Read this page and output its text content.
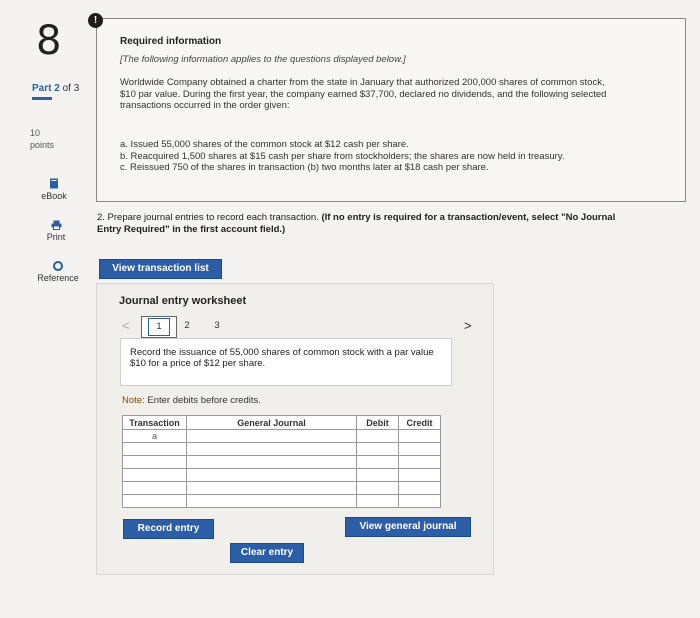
8
Part 2 of 3
10
points
eBook
Print
Reference
!
Required information
[The following information applies to the questions displayed below.]
Worldwide Company obtained a charter from the state in January that authorized 200,000 shares of common stock, $10 par value. During the first year, the company earned $37,700, declared no dividends, and the following selected transactions occurred in the order given:
a. Issued 55,000 shares of the common stock at $12 cash per share.
b. Reacquired 1,500 shares at $15 cash per share from stockholders; the shares are now held in treasury.
c. Reissued 750 of the shares in transaction (b) two months later at $18 cash per share.
2. Prepare journal entries to record each transaction. (If no entry is required for a transaction/event, select "No Journal Entry Required" in the first account field.)
View transaction list
Journal entry worksheet
<	>
1	2	3
Record the issuance of 55,000 shares of common stock with a par value $10 for a price of $12 per share.
Note: Enter debits before credits.
Transaction	General Journal	Debit	Credit
a			

Record entry	View general journal
Clear entry
